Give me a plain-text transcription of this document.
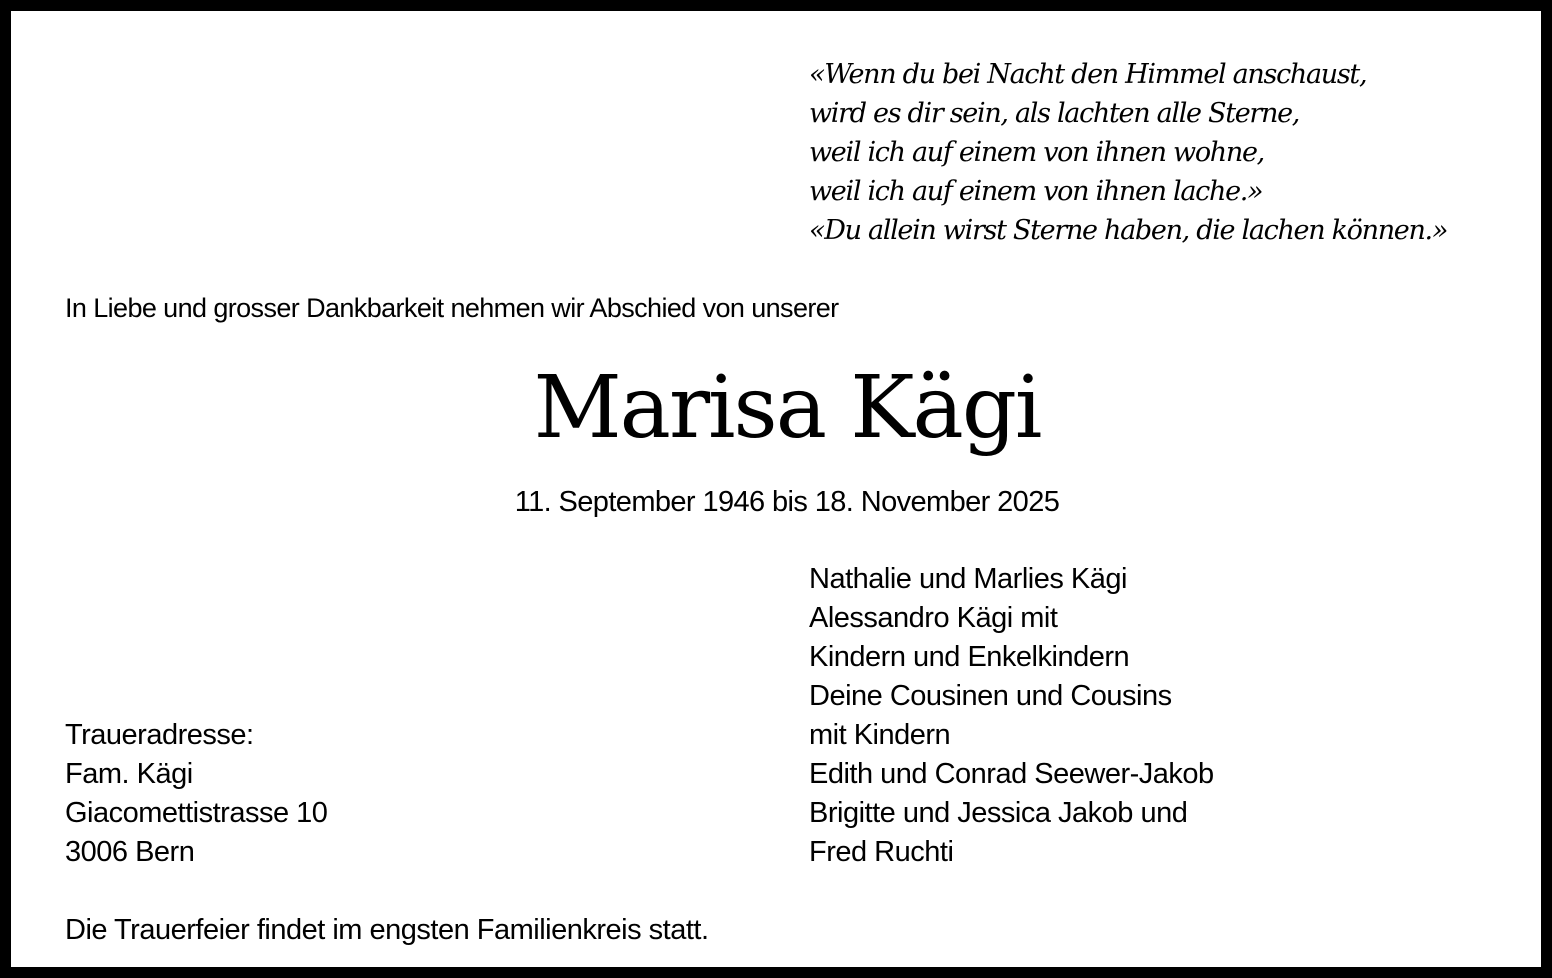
«Wenn du bei Nacht den Himmel anschaust,
wird es dir sein, als lachten alle Sterne,
weil ich auf einem von ihnen wohne,
weil ich auf einem von ihnen lache.»
«Du allein wirst Sterne haben, die lachen können.»
In Liebe und grosser Dankbarkeit nehmen wir Abschied von unserer
Marisa Kägi
11. September 1946 bis 18. November 2025
Nathalie und Marlies Kägi
Alessandro Kägi mit
Kindern und Enkelkindern
Deine Cousinen und Cousins
mit Kindern
Edith und Conrad Seewer-Jakob
Brigitte und Jessica Jakob und
Fred Ruchti
Traueradresse:
Fam. Kägi
Giacomettistrasse 10
3006 Bern
Die Trauerfeier findet im engsten Familienkreis statt.
